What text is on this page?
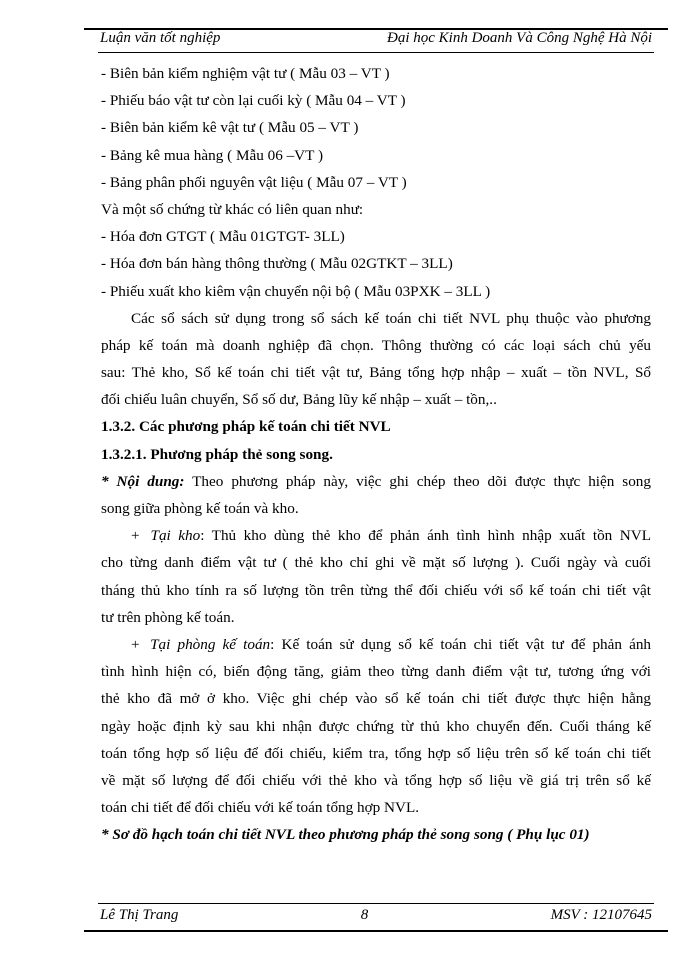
Luận văn tốt nghiệp	Đại học Kinh Doanh Và Công Nghệ Hà Nội
- Biên bản kiểm nghiệm vật tư ( Mẫu 03 – VT )
- Phiếu báo vật tư còn lại cuối kỳ ( Mẫu 04 – VT )
- Biên bản kiểm kê vật tư ( Mẫu 05 – VT )
- Bảng kê mua hàng ( Mẫu 06 –VT )
- Bảng phân phối nguyên vật liệu ( Mẫu 07 – VT )
Và một số chứng từ khác có liên quan như:
- Hóa đơn GTGT ( Mẫu 01GTGT- 3LL)
- Hóa đơn bán hàng thông thường ( Mẫu 02GTKT – 3LL)
- Phiếu xuất kho kiêm vận chuyển nội bộ ( Mẫu 03PXK – 3LL )
Các sổ sách sử dụng trong sổ sách kế toán chi tiết NVL phụ thuộc vào phương
pháp kế toán mà doanh nghiệp đã chọn. Thông thường có các loại sách chủ yếu
sau: Thẻ kho, Sổ kế toán chi tiết vật tư, Bảng tổng hợp nhập – xuất – tồn NVL, Sổ
đối chiếu luân chuyển, Sổ số dư, Bảng lũy kế nhập – xuất – tồn,..
1.3.2. Các phương pháp kế toán chi tiết NVL
1.3.2.1. Phương pháp thẻ song song.
* Nội dung: Theo phương pháp này, việc ghi chép theo dõi được thực hiện song
song giữa phòng kế toán và kho.
+ Tại kho: Thủ kho dùng thẻ kho để phản ánh tình hình nhập xuất tồn NVL
cho từng danh điểm vật tư ( thẻ kho chỉ ghi về mặt số lượng ). Cuối ngày và cuối
tháng thủ kho tính ra số lượng tồn trên từng thể đối chiếu với sổ kế toán chi tiết vật
tư trên phòng kế toán.
+ Tại phòng kế toán: Kế toán sử dụng sổ kế toán chi tiết vật tư để phản ánh
tình hình hiện có, biến động tăng, giảm theo từng danh điểm vật tư, tương ứng với
thẻ kho đã mở ở kho. Việc ghi chép vào sổ kế toán chi tiết được thực hiện hằng
ngày hoặc định kỳ sau khi nhận được chứng từ thủ kho chuyển đến. Cuối tháng kế
toán tổng hợp số liệu để đối chiếu, kiểm tra, tổng hợp số liệu trên sổ kế toán chi tiết
về mặt số lượng để đối chiếu với thẻ kho và tổng hợp số liệu về giá trị trên sổ kế
toán chi tiết để đối chiếu với kế toán tổng hợp NVL.
* Sơ đồ hạch toán chi tiết NVL theo phương pháp thẻ song song ( Phụ lục 01)
Lê Thị Trang	8	MSV : 12107645
